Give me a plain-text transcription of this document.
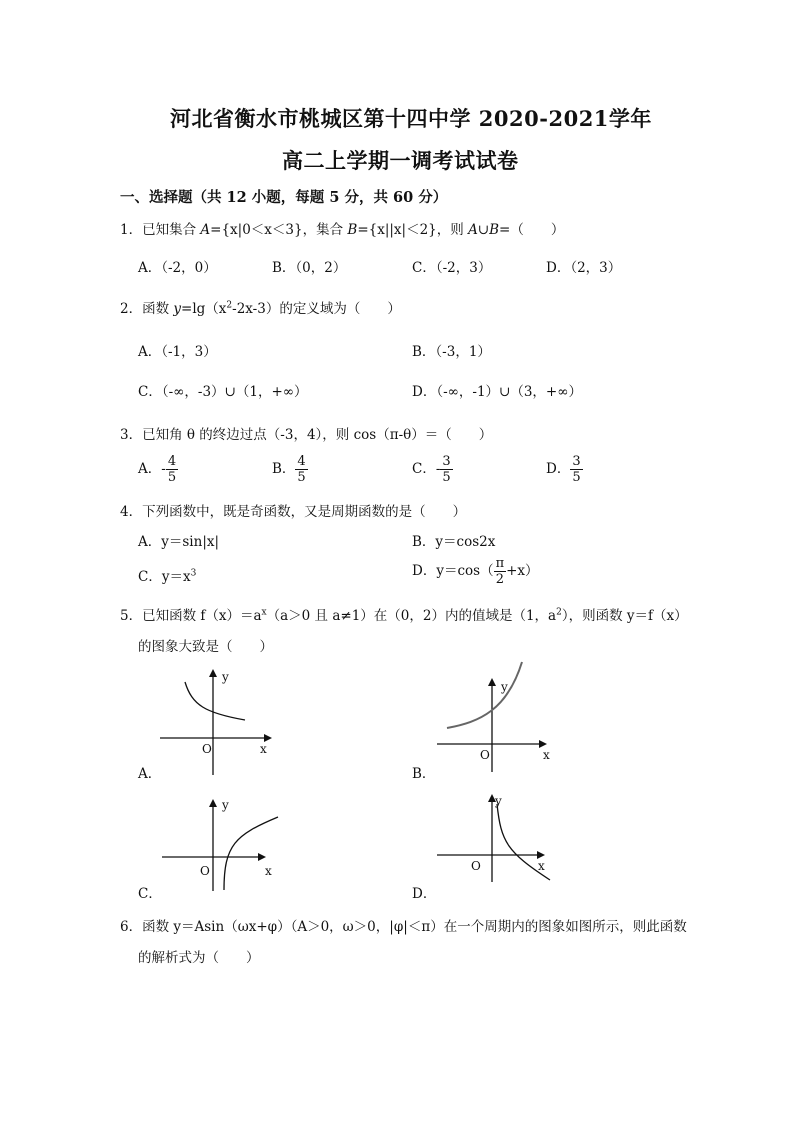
河北省衡水市桃城区第十四中学 2020-2021学年
高二上学期一调考试试卷
一、选择题（共 12 小题，每题 5 分，共 60 分）
1．已知集合 A={x|0＜x＜3}，集合 B={x||x|＜2}，则 A∪B=（　　）
A．（-2，0）	B．（0，2）	C．（-2，3）	D．（2，3）
2．函数 $y=\lg(x^2-2x-3)$的定义域为（　　）
A．（-1，3）	B．（-3，1）
C．（-∞，-3）∪（1，+∞）	D．（-∞，-1）∪（3，+∞）
3．已知角 θ 的终边过点（-3，4），则 cos（π-θ）＝（　　）
A．- $\frac{4}{5}$	B． $\frac{4}{5}$	C．- $\frac{3}{5}$	D． $\frac{3}{5}$
4．下列函数中，既是奇函数，又是周期函数的是（　　）
A．y＝sin|x|	B．y＝cos2x
C．$y=x^3$	D．$y=\cos( \frac{\pi}{2} +x)$
5．已知函数 $f(x)=a^x(a>0$ 且 a≠1）在（0，2）内的值域是（1，$a^2$），则函数 y＝f（x）
的图象大致是（　　）
y
x
O
A．
y
x
O
B．
y
x
O
C．
y
x
O
D．
6．函数 y＝Asin（ωx+φ）（A＞0，ω＞0，|φ|＜π）在一个周期内的图象如图所示，则此函数
的解析式为（　　）
